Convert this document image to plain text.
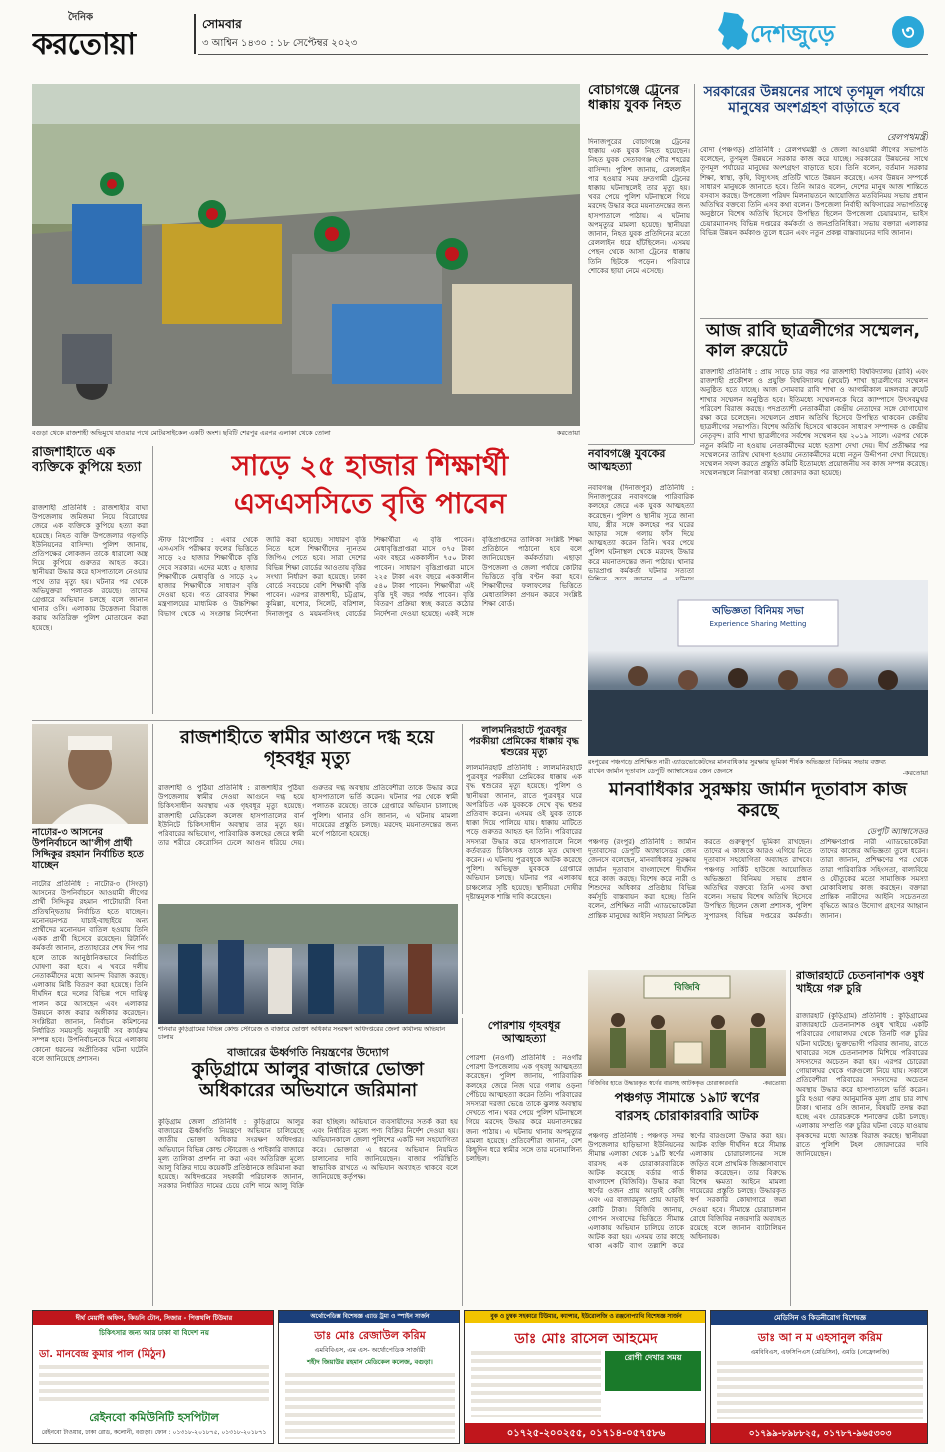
দৈনিক
করতোয়া
সোমবার
৩ আশ্বিন ১৪৩০ : ১৮ সেপ্টেম্বর ২০২৩	দেশজুড়ে	৩
বগুড়া থেকে রাজশাহী অভিমুখে যাওয়ার পথে মোটরসাইকেল একটি অংশ। ছবিটি শেরপুর এরপর এলাকা থেকে তোলা	করতোয়া
বোচাগঞ্জে ট্রেনের ধাক্কায় যুবক নিহত
দিনাজপুরের বোচাগঞ্জে ট্রেনের ধাক্কায় এক যুবক নিহত হয়েছেন। নিহত যুবক সেতাবগঞ্জ পৌর শহরের বাসিন্দা। পুলিশ জানায়, রেললাইন পার হওয়ার সময় দ্রুতগামী ট্রেনের ধাক্কায় ঘটনাস্থলেই তার মৃত্যু হয়। খবর পেয়ে পুলিশ ঘটনাস্থলে গিয়ে মরদেহ উদ্ধার করে ময়নাতদন্তের জন্য হাসপাতালে পাঠায়। এ ঘটনায় অপমৃত্যুর মামলা হয়েছে। স্থানীয়রা জানান, নিহত যুবক প্রতিদিনের মতো রেললাইন ধরে হাঁটছিলেন। এসময় পেছন থেকে আসা ট্রেনের ধাক্কায় তিনি ছিটকে পড়েন। পরিবারে শোকের ছায়া নেমে এসেছে।
সরকারের উন্নয়নের সাথে তৃণমূল পর্যায়ে মানুষের অংশগ্রহণ বাড়াতে হবে
রেলপথমন্ত্রী
বোদা (পঞ্চগড়) প্রতিনিধি : রেলপথমন্ত্রী ও জেলা আওয়ামী লীগের সভাপতি বলেছেন, তুণমূল উন্নয়নে সরকার কাজ করে যাচ্ছে। সরকারের উন্নয়নের সাথে তৃণমূল পর্যায়ের মানুষের অংশগ্রহণ বাড়াতে হবে। তিনি বলেন, বর্তমান সরকার শিক্ষা, স্বাস্থ্য, কৃষি, বিদ্যুৎসহ প্রতিটি খাতে উন্নয়ন করেছে। এসব উন্নয়ন সম্পর্কে সাধারণ মানুষকে জানাতে হবে। তিনি আরও বলেন, দেশের মানুষ আজ শান্তিতে বসবাস করছে। উপজেলা পরিষদ মিলনায়তনে আয়োজিত মতবিনিময় সভায় প্রধান অতিথির বক্তব্যে তিনি এসব কথা বলেন। উপজেলা নির্বাহী অফিসারের সভাপতিত্বে অনুষ্ঠানে বিশেষ অতিথি হিসেবে উপস্থিত ছিলেন উপজেলা চেয়ারম্যান, ভাইস চেয়ারম্যানসহ বিভিন্ন দপ্তরের কর্মকর্তা ও জনপ্রতিনিধিরা। সভায় বক্তারা এলাকার বিভিন্ন উন্নয়ন কর্মকাণ্ড তুলে ধরেন এবং নতুন প্রকল্প বাস্তবায়নের দাবি জানান।
আজ রাবি ছাত্রলীগের সম্মেলন, কাল রুয়েটে
রাজশাহী প্রতিনিধি : প্রায় সাড়ে চার বছর পর রাজশাহী বিশ্ববিদ্যালয় (রাবি) এবং রাজশাহী প্রকৌশল ও প্রযুক্তি বিশ্ববিদ্যালয় (রুয়েট) শাখা ছাত্রলীগের সম্মেলন অনুষ্ঠিত হতে যাচ্ছে। আজ সোমবার রাবি শাখা ও আগামীকাল মঙ্গলবার রুয়েট শাখার সম্মেলন অনুষ্ঠিত হবে। ইতিমধ্যে সম্মেলনকে ঘিরে ক্যাম্পাসে উৎসবমুখর পরিবেশ বিরাজ করছে। পদপ্রত্যাশী নেতাকর্মীরা কেন্দ্রীয় নেতাদের সঙ্গে যোগাযোগ রক্ষা করে চলেছেন। সম্মেলনে প্রধান অতিথি হিসেবে উপস্থিত থাকবেন কেন্দ্রীয় ছাত্রলীগের সভাপতি। বিশেষ অতিথি হিসেবে থাকবেন সাধারণ সম্পাদক ও কেন্দ্রীয় নেতৃবৃন্দ। রাবি শাখা ছাত্রলীগের সর্বশেষ সম্মেলন হয় ২০১৯ সালে। এরপর থেকে নতুন কমিটি না হওয়ায় নেতাকর্মীদের মধ্যে হতাশা দেখা দেয়। দীর্ঘ প্রতীক্ষার পর সম্মেলনের তারিখ ঘোষণা হওয়ায় নেতাকর্মীদের মধ্যে নতুন উদ্দীপনা দেখা দিয়েছে। সম্মেলন সফল করতে প্রস্তুতি কমিটি ইতোমধ্যে প্রয়োজনীয় সব কাজ সম্পন্ন করেছে। সম্মেলনস্থলে নিরাপত্তা ব্যবস্থা জোরদার করা হয়েছে।
নবাবগঞ্জে যুবকের আত্মহত্যা
নবাবগঞ্জ (দিনাজপুর) প্রতিনিধি : দিনাজপুরের নবাবগঞ্জে পারিবারিক কলহের জেরে এক যুবক আত্মহত্যা করেছেন। পুলিশ ও স্থানীয় সূত্রে জানা যায়, স্ত্রীর সঙ্গে কলহের পর ঘরের আড়ার সঙ্গে গলায় ফাঁস দিয়ে আত্মহত্যা করেন তিনি। খবর পেয়ে পুলিশ ঘটনাস্থল থেকে মরদেহ উদ্ধার করে ময়নাতদন্তের জন্য পাঠায়। থানার ভারপ্রাপ্ত কর্মকর্তা ঘটনার সত্যতা
রাজশাহীতে এক ব্যক্তিকে কুপিয়ে হত্যা
রাজশাহী প্রতিনিধি : রাজশাহীর বাঘা উপজেলায় জমিজমা নিয়ে বিরোধের জেরে এক ব্যক্তিকে কুপিয়ে হত্যা করা হয়েছে। নিহত ব্যক্তি উপজেলার গড়গড়ি ইউনিয়নের বাসিন্দা। পুলিশ জানায়, প্রতিপক্ষের লোকজন তাকে ধারালো অস্ত্র দিয়ে কুপিয়ে গুরুতর আহত করে। স্থানীয়রা উদ্ধার করে হাসপাতালে নেওয়ার পথে তার মৃত্যু হয়। ঘটনার পর থেকে অভিযুক্তরা পলাতক রয়েছে। তাদের গ্রেপ্তারে অভিযান চলছে বলে জানান থানার ওসি। এলাকায় উত্তেজনা বিরাজ করায় অতিরিক্ত পুলিশ মোতায়েন করা হয়েছে।
সাড়ে ২৫ হাজার শিক্ষার্থী
এসএসসিতে বৃত্তি পাবেন
স্টাফ রিপোর্টার : এবার থেকে এসএসসি পরীক্ষার ফলের ভিত্তিতে সাড়ে ২৫ হাজার শিক্ষার্থীকে বৃত্তি দেবে সরকার। এদের মধ্যে ৫ হাজার শিক্ষার্থীকে মেধাবৃত্তি ও সাড়ে ২০ হাজার শিক্ষার্থীকে সাধারণ বৃত্তি দেওয়া হবে। গত রোববার শিক্ষা মন্ত্রণালয়ের মাধ্যমিক ও উচ্চশিক্ষা বিভাগ থেকে এ সংক্রান্ত নির্দেশনা জারি করা হয়েছে। সাধারণ বৃত্তি নিতে হলে শিক্ষার্থীদের ন্যূনতম জিপিএ পেতে হবে। সারা দেশের বিভিন্ন শিক্ষা বোর্ডের আওতায় বৃত্তির সংখ্যা নির্ধারণ করা হয়েছে। ঢাকা বোর্ডে সবচেয়ে বেশি শিক্ষার্থী বৃত্তি পাবেন। এরপর রাজশাহী, চট্টগ্রাম, কুমিল্লা, যশোর, সিলেট, বরিশাল, দিনাজপুর ও ময়মনসিংহ বোর্ডের শিক্ষার্থীরা এ বৃত্তি পাবেন। মেধাবৃত্তিপ্রাপ্তরা মাসে ৩৭৫ টাকা এবং বছরে এককালীন ৭৫০ টাকা পাবেন। সাধারণ বৃত্তিপ্রাপ্তরা মাসে ২২৫ টাকা এবং বছরে এককালীন ৫৪০ টাকা পাবেন। শিক্ষার্থীরা এই বৃত্তি দুই বছর পর্যন্ত পাবেন। বৃত্তি বিতরণ প্রক্রিয়া স্বচ্ছ করতে কঠোর নির্দেশনা দেওয়া হয়েছে। একই সঙ্গে বৃত্তিপ্রাপ্তদের তালিকা সংশ্লিষ্ট শিক্ষা প্রতিষ্ঠানে পাঠানো হবে বলে জানিয়েছেন কর্মকর্তারা। এছাড়া উপজেলা ও জেলা পর্যায়ে কোটার ভিত্তিতে বৃত্তি বণ্টন করা হবে। শিক্ষার্থীদের ফলাফলের ভিত্তিতে মেধাতালিকা প্রণয়ন করবে সংশ্লিষ্ট শিক্ষা বোর্ড।
অভিজ্ঞতা বিনিময় সভা
Experience Sharing Metting
রংপুরের পঞ্চগড়ে প্রশিক্ষিত নারী এ্যাডভোকেটদের মানবাধিকার সুরক্ষায় ভূমিকা শীর্ষক অভিজ্ঞতা বিনিময় সভায় বক্তব্য রাখেন জার্মান দূতাবাস ডেপুটি অ্যাম্বাসেডর জেন জেনসে	-করতোয়া
নাটোর-৩ আসনের উপনির্বাচনে আ'লীগ প্রার্থী সিদ্দিকুর রহমান নির্বাচিত হতে যাচ্ছেন
নাটোর প্রতিনিধি : নাটোর-৩ (সিংড়া) আসনের উপনির্বাচনে আওয়ামী লীগের প্রার্থী সিদ্দিকুর রহমান পাটোয়ারী বিনা প্রতিদ্বন্দ্বিতায় নির্বাচিত হতে যাচ্ছেন। মনোনয়নপত্র যাচাই-বাছাইয়ে অন্য প্রার্থীদের মনোনয়ন বাতিল হওয়ায় তিনি একক প্রার্থী হিসেবে রয়েছেন। রিটার্নিং কর্মকর্তা জানান, প্রত্যাহারের শেষ দিন পার হলে তাকে আনুষ্ঠানিকভাবে নির্বাচিত ঘোষণা করা হবে। এ খবরে দলীয় নেতাকর্মীদের মধ্যে আনন্দ বিরাজ করছে। এলাকায় মিষ্টি বিতরণ করা হয়েছে। তিনি দীর্ঘদিন ধরে দলের বিভিন্ন পদে দায়িত্ব পালন করে আসছেন এবং এলাকার উন্নয়নে কাজ করার অঙ্গীকার করেছেন। সংশ্লিষ্টরা জানান, নির্বাচন কমিশনের নির্ধারিত সময়সূচি অনুযায়ী সব কার্যক্রম সম্পন্ন হবে। উপনির্বাচনকে ঘিরে এলাকায় কোনো ধরনের অপ্রীতিকর ঘটনা ঘটেনি বলে জানিয়েছে প্রশাসন।
রাজশাহীতে স্বামীর আগুনে দগ্ধ হয়ে গৃহবধূর মৃত্যু
রাজশাহী ও পুঠিয়া প্রতিনিধি : রাজশাহীর পুঠিয়া উপজেলায় স্বামীর দেওয়া আগুনে দগ্ধ হয়ে চিকিৎসাধীন অবস্থায় এক গৃহবধূর মৃত্যু হয়েছে। রাজশাহী মেডিকেল কলেজ হাসপাতালের বার্ন ইউনিটে চিকিৎসাধীন অবস্থায় তার মৃত্যু হয়। পরিবারের অভিযোগ, পারিবারিক কলহের জেরে স্বামী তার শরীরে কেরোসিন ঢেলে আগুন ধরিয়ে দেয়। গুরুতর দগ্ধ অবস্থায় প্রতিবেশীরা তাকে উদ্ধার করে হাসপাতালে ভর্তি করেন। ঘটনার পর থেকে স্বামী পলাতক রয়েছে। তাকে গ্রেপ্তারে অভিযান চালাচ্ছে পুলিশ। থানার ওসি জানান, এ ঘটনায় মামলা দায়েরের প্রস্তুতি চলছে। মরদেহ ময়নাতদন্তের জন্য মর্গে পাঠানো হয়েছে।
লালমনিরহাটে পুত্রবধূর পরকীয়া প্রেমিকের ধাক্কায় বৃদ্ধ শ্বশুরের মৃত্যু
লালমনিরহাট প্রতিনিধি : লালমনিরহাটে পুত্রবধূর পরকীয়া প্রেমিকের ধাক্কায় এক বৃদ্ধ শ্বশুরের মৃত্যু হয়েছে। পুলিশ ও স্থানীয়রা জানান, রাতে পুত্রবধূর ঘরে অপরিচিত এক যুবককে দেখে বৃদ্ধ শ্বশুর প্রতিবাদ করেন। এসময় ওই যুবক তাকে ধাক্কা দিয়ে পালিয়ে যায়। ধাক্কায় মাটিতে পড়ে গুরুতর আহত হন তিনি। পরিবারের সদস্যরা উদ্ধার করে হাসপাতালে নিলে কর্তব্যরত চিকিৎসক তাকে মৃত ঘোষণা করেন। এ ঘটনায় পুত্রবধূকে আটক করেছে পুলিশ। অভিযুক্ত যুবককে গ্রেপ্তারে অভিযান চলছে। ঘটনার পর এলাকায় চাঞ্চল্যের সৃষ্টি হয়েছে। স্থানীয়রা দোষীর দৃষ্টান্তমূলক শাস্তি দাবি করেছেন।
শনিবার কুড়িগ্রামের বিভিন্ন কোল্ড স্টোরেজ ও বাজারে ভোক্তা অধিকার সংরক্ষণ অধিদপ্তরের জেলা কার্যালয় অভিযান চালায়
বাজারের ঊর্ধ্বগতি নিয়ন্ত্রণের উদ্যোগ
কুড়িগ্রামে আলুর বাজারে ভোক্তা অধিকারের অভিযানে জরিমানা
কুড়িগ্রাম জেলা প্রতিনিধি : কুড়িগ্রামে আলুর বাজারের ঊর্ধ্বগতি নিয়ন্ত্রণে অভিযান চালিয়েছে জাতীয় ভোক্তা অধিকার সংরক্ষণ অধিদপ্তর। অভিযানে বিভিন্ন কোল্ড স্টোরেজ ও পাইকারি বাজারে মূল্য তালিকা প্রদর্শন না করা এবং অতিরিক্ত মূল্যে আলু বিক্রির দায়ে কয়েকটি প্রতিষ্ঠানকে জরিমানা করা হয়েছে। অধিদপ্তরের সহকারী পরিচালক জানান, সরকার নির্ধারিত দামের চেয়ে বেশি দামে আলু বিক্রি করা হচ্ছিল। অভিযানে ব্যবসায়ীদের সতর্ক করা হয় এবং নির্ধারিত মূল্যে পণ্য বিক্রির নির্দেশ দেওয়া হয়। অভিযানকালে জেলা পুলিশের একটি দল সহযোগিতা করে। ভোক্তারা এ ধরনের অভিযান নিয়মিত চালানোর দাবি জানিয়েছেন। বাজার পরিস্থিতি স্বাভাবিক রাখতে এ অভিযান অব্যাহত থাকবে বলে জানিয়েছে কর্তৃপক্ষ।
পোরশায় গৃহবধূর আত্মহত্যা
পোরশা (নওগাঁ) প্রতিনিধি : নওগাঁর পোরশা উপজেলায় এক গৃহবধূ আত্মহত্যা করেছেন। পুলিশ জানায়, পারিবারিক কলহের জেরে নিজ ঘরে গলায় ওড়না পেঁচিয়ে আত্মহত্যা করেন তিনি। পরিবারের সদস্যরা দরজা ভেঙে তাকে ঝুলন্ত অবস্থায় দেখতে পান। খবর পেয়ে পুলিশ ঘটনাস্থলে গিয়ে মরদেহ উদ্ধার করে ময়নাতদন্তের জন্য পাঠায়। এ ঘটনায় থানায় অপমৃত্যুর মামলা হয়েছে। প্রতিবেশীরা জানান, বেশ কিছুদিন ধরে স্বামীর সঙ্গে তার মনোমালিন্য চলছিল।
মানবাধিকার সুরক্ষায় জার্মান দূতাবাস কাজ করছে
ডেপুটি অ্যাম্বাসেডর
পঞ্চগড় (রংপুর) প্রতিনিধি : জার্মান দূতাবাসের ডেপুটি অ্যাম্বাসেডর জেন জেনসে বলেছেন, মানবাধিকার সুরক্ষায় জার্মান দূতাবাস বাংলাদেশে দীর্ঘদিন ধরে কাজ করছে। বিশেষ করে নারী ও শিশুদের অধিকার প্রতিষ্ঠায় বিভিন্ন কর্মসূচি বাস্তবায়ন করা হচ্ছে। তিনি বলেন, প্রশিক্ষিত নারী এ্যাডভোকেটরা প্রান্তিক মানুষের আইনি সহায়তা নিশ্চিত করতে গুরুত্বপূর্ণ ভূমিকা রাখছেন। তাদের এ কাজকে আরও এগিয়ে নিতে দূতাবাস সহযোগিতা অব্যাহত রাখবে। পঞ্চগড় সার্কিট হাউজে আয়োজিত অভিজ্ঞতা বিনিময় সভায় প্রধান অতিথির বক্তব্যে তিনি এসব কথা বলেন। সভায় বিশেষ অতিথি হিসেবে উপস্থিত ছিলেন জেলা প্রশাসক, পুলিশ সুপারসহ বিভিন্ন দপ্তরের কর্মকর্তা। প্রশিক্ষণপ্রাপ্ত নারী এ্যাডভোকেটরা তাদের কাজের অভিজ্ঞতা তুলে ধরেন। তারা জানান, প্রশিক্ষণের পর থেকে তারা পারিবারিক সহিংসতা, বাল্যবিয়ে ও যৌতুকের মতো সামাজিক সমস্যা মোকাবিলায় কাজ করছেন। বক্তারা প্রান্তিক নারীদের আইনি সচেতনতা বৃদ্ধিতে আরও উদ্যোগ গ্রহণের আহ্বান জানান।
বিজিবি
বিজিবির হাতে উদ্ধারকৃত স্বর্ণের বারসহ আটককৃত চোরাকারবারি	-করতোয়া
পঞ্চগড় সীমান্তে ১৯টি স্বর্ণের
বারসহ চোরাকারবারি আটক
পঞ্চগড় প্রতিনিধি : পঞ্চগড় সদর উপজেলার হাড়িভাসা ইউনিয়নের সীমান্ত এলাকা থেকে ১৯টি স্বর্ণের বারসহ এক চোরাকারবারিকে আটক করেছে বর্ডার গার্ড বাংলাদেশ (বিজিবি)। উদ্ধার করা স্বর্ণের ওজন প্রায় আড়াই কেজি এবং এর বাজারমূল্য প্রায় আড়াই কোটি টাকা। বিজিবি জানায়, গোপন সংবাদের ভিত্তিতে সীমান্ত এলাকায় অভিযান চালিয়ে তাকে আটক করা হয়। এসময় তার কাছে থাকা একটি ব্যাগ তল্লাশি করে স্বর্ণের বারগুলো উদ্ধার করা হয়। আটক ব্যক্তি দীর্ঘদিন ধরে সীমান্ত এলাকায় চোরাচালানের সঙ্গে জড়িত বলে প্রাথমিক জিজ্ঞাসাবাদে স্বীকার করেছেন। তার বিরুদ্ধে বিশেষ ক্ষমতা আইনে মামলা দায়েরের প্রস্তুতি চলছে। উদ্ধারকৃত স্বর্ণ সরকারি কোষাগারে জমা দেওয়া হবে। সীমান্তে চোরাচালান রোধে বিজিবির নজরদারি অব্যাহত রয়েছে বলে জানান ব্যাটালিয়ন অধিনায়ক।
রাজারহাটে চেতনানাশক ওষুধ খাইয়ে গরু চুরি
রাজারহাট (কুড়িগ্রাম) প্রতিনিধি : কুড়িগ্রামের রাজারহাটে চেতনানাশক ওষুধ খাইয়ে একটি পরিবারের গোয়ালঘর থেকে তিনটি গরু চুরির ঘটনা ঘটেছে। ভুক্তভোগী পরিবার জানায়, রাতে খাবারের সঙ্গে চেতনানাশক মিশিয়ে পরিবারের সদস্যদের অচেতন করা হয়। এরপর চোরেরা গোয়ালঘর থেকে গরুগুলো নিয়ে যায়। সকালে প্রতিবেশীরা পরিবারের সদস্যদের অচেতন অবস্থায় উদ্ধার করে হাসপাতালে ভর্তি করেন। চুরি হওয়া গরুর আনুমানিক মূল্য প্রায় চার লাখ টাকা। থানার ওসি জানান, বিষয়টি তদন্ত করা হচ্ছে এবং চোরচক্রকে শনাক্তের চেষ্টা চলছে। এলাকায় সম্প্রতি গরু চুরির ঘটনা বেড়ে যাওয়ায় কৃষকদের মধ্যে আতঙ্ক বিরাজ করছে। স্থানীয়রা রাতে পুলিশি টহল জোরদারের দাবি জানিয়েছেন।
দীর্ঘ মেয়াদী অফিস, কিডনি টোন, সিজার - পিত্তথলি টিউমার
চিকিৎসার জন্য আর ঢাকা বা বিদেশ নয়
ডা. মানবেন্দ্র কুমার পাল (মিঠুন)
রেইনবো কমিউনিটি হসপিটাল
রেইনবো টাওয়ার, ঢাকা রোড, কলোনী, বগুড়া। ফোন : ০১৩১৮-২০১৮৭৫, ০১৩১৮-২০১৮৭১
অর্থোপেডিক্স বিশেষজ্ঞ এ্যাড ট্রমা ও স্পাইন সার্জন
ডাঃ মোঃ রেজাউল করিম
এমবিবিএস, এম এস- অর্থোপেডিক সার্জারী
শহীদ জিয়াউর রহমান মেডিকেল কলেজ, বগুড়া।
বুক ও চুম্বক সহকারে টিউমার, ক্যান্সার, ইউরোলজি ও রঞ্জনোপ্যাথি বিশেষজ্ঞ সার্জন
ডাঃ মোঃ রাসেল আহমেদ
রোগী দেখার সময়
০১৭২৫-২০০২৫৫, ০১৭১৪-০৫৭৫৮৬
মেডিসিন ও কিডনীরোগ বিশেষজ্ঞ
ডাঃ আ ন ম এহসানুল করিম
এমবিবিএস, এফসিপিএস (মেডিসিন), এমডি (নেফ্রোলজি)
০১৭৯৯-৮৯৮৮২৫, ০১৭৮৭-৯৬৫৩০৩
